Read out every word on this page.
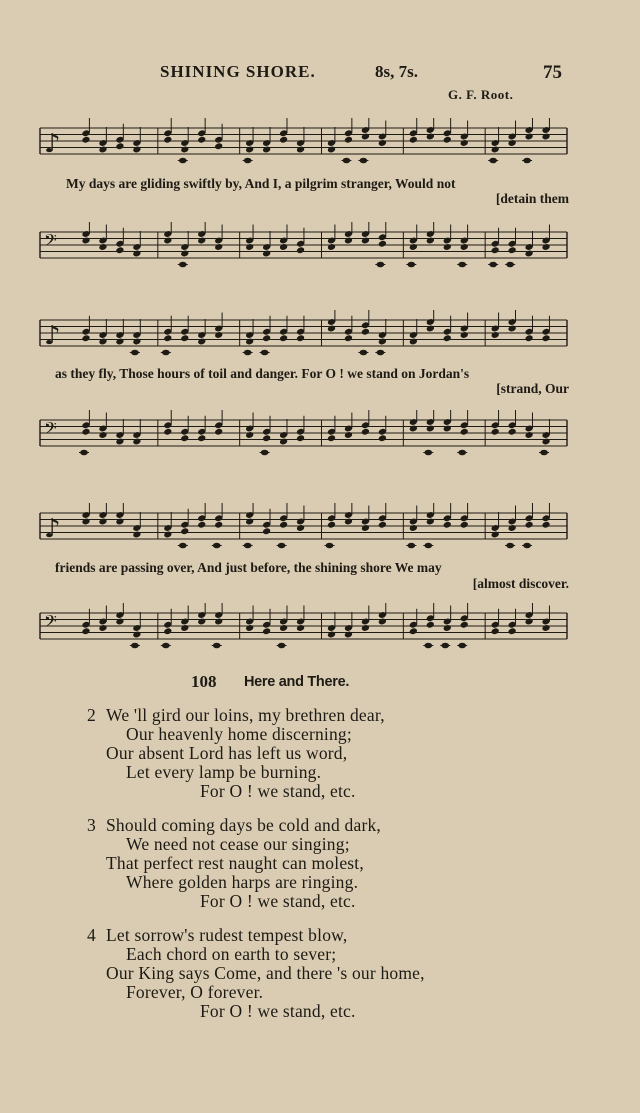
SHINING SHORE.	8s, 7s.	75
G. F. Root.
♪
My days are gliding swiftly by, And I, a pilgrim stranger, Would not
[detain them
𝄢
♪
as they fly, Those hours of toil and danger. For O ! we stand on Jordan's
[strand, Our
𝄢
♪
friends are passing over, And just before, the shining shore We may
[almost discover.
𝄢
108 Here and There.
2 We 'll gird our loins, my brethren dear,
Our heavenly home discerning;
Our absent Lord has left us word,
Let every lamp be burning.
For O ! we stand, etc.
3 Should coming days be cold and dark,
We need not cease our singing;
That perfect rest naught can molest,
Where golden harps are ringing.
For O ! we stand, etc.
4 Let sorrow's rudest tempest blow,
Each chord on earth to sever;
Our King says Come, and there 's our home,
Forever, O forever.
For O ! we stand, etc.
